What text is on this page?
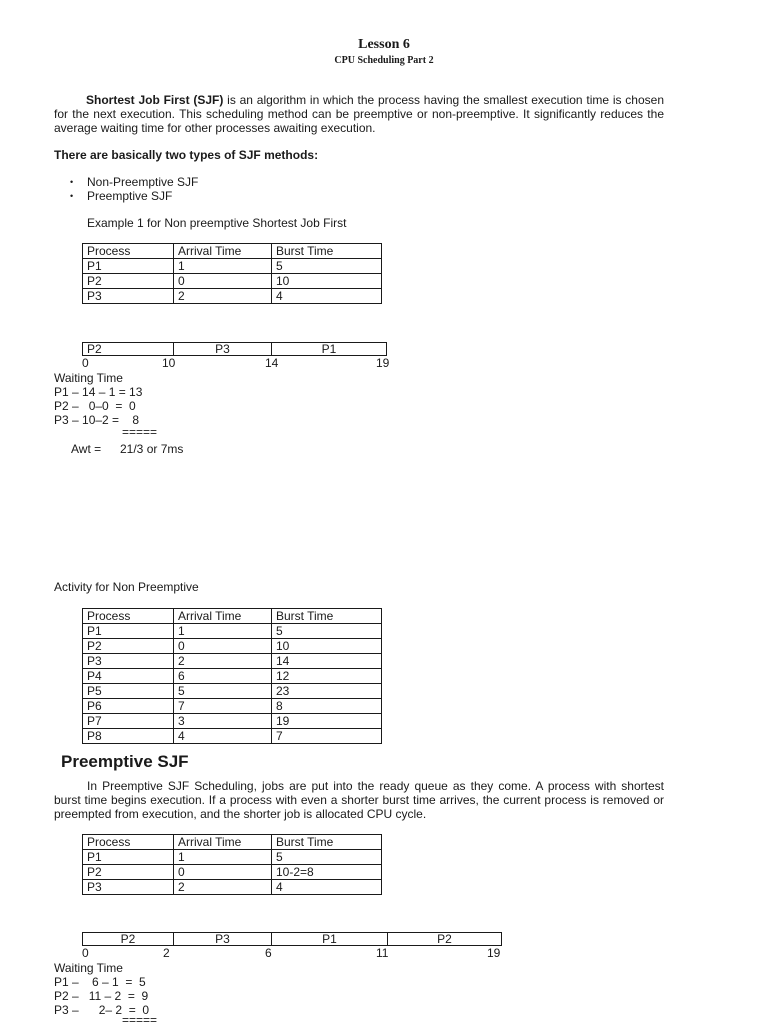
Lesson 6
CPU Scheduling Part 2
Shortest Job First (SJF) is an algorithm in which the process having the smallest execution time is chosen for the next execution. This scheduling method can be preemptive or non-preemptive. It significantly reduces the average waiting time for other processes awaiting execution.
There are basically two types of SJF methods:
• Non-Preemptive SJF
• Preemptive SJF
Example 1 for Non preemptive Shortest Job First
Process	Arrival Time	Burst Time
P1	1	5
P2	0	10
P3	2	4
P2	P3	P1
0	10	14	19
Waiting Time
P1 – 14 – 1 = 13
P2 –   0–0  =  0
P3 – 10–2 =    8
=====
Awt = 21/3 or 7ms
Activity for Non Preemptive
Process	Arrival Time	Burst Time
P1	1	5
P2	0	10
P3	2	14
P4	6	12
P5	5	23
P6	7	8
P7	3	19
P8	4	7
Preemptive SJF
In Preemptive SJF Scheduling, jobs are put into the ready queue as they come. A process with shortest burst time begins execution. If a process with even a shorter burst time arrives, the current process is removed or preempted from execution, and the shorter job is allocated CPU cycle.
Process	Arrival Time	Burst Time
P1	1	5
P2	0	10-2=8
P3	2	4
P2	P3	P1	P2
0	2	6	11	19
Waiting Time
P1 –    6 – 1  =  5
P2 –   11 – 2  =  9
P3 –      2– 2  =  0
=====
